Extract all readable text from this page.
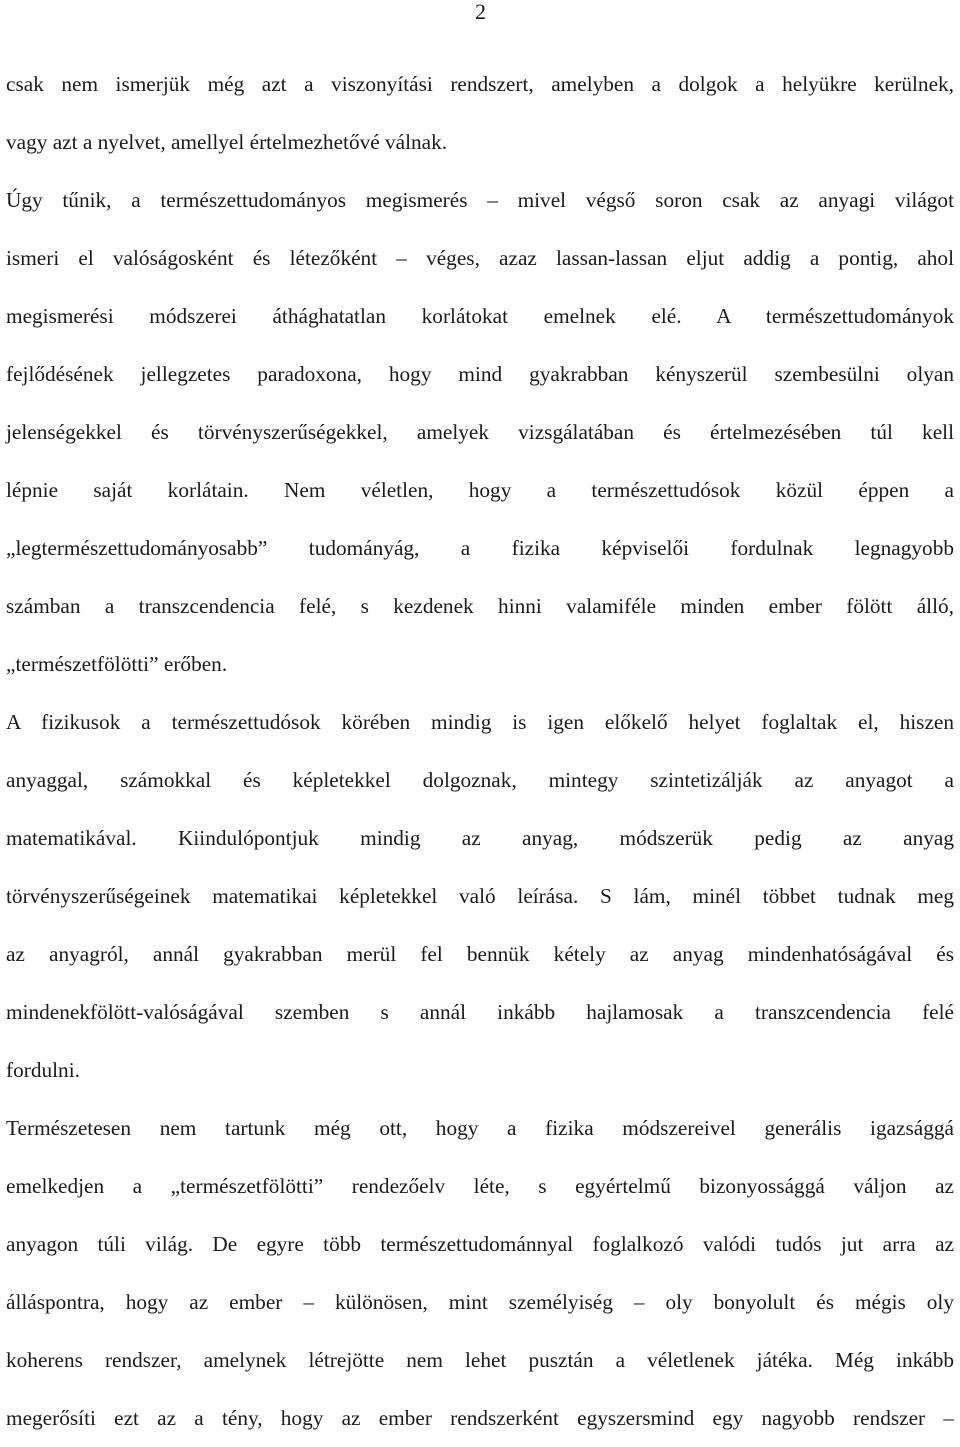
2

csak nem ismerjük még azt a viszonyítási rendszert, amelyben a dolgok a helyükre kerülnek,
vagy azt a nyelvet, amellyel értelmezhetővé válnak.

Úgy tűnik, a természettudományos megismerés – mivel végső soron csak az anyagi világot
ismeri el valóságosként és létezőként – véges, azaz lassan-lassan eljut addig a pontig, ahol
megismerési módszerei áthághatatlan korlátokat emelnek elé. A természettudományok
fejlődésének jellegzetes paradoxona, hogy mind gyakrabban kényszerül szembesülni olyan
jelenségekkel és törvényszerűségekkel, amelyek vizsgálatában és értelmezésében túl kell
lépnie saját korlátain. Nem véletlen, hogy a természettudósok közül éppen a
„legtermészettudományosabb” tudományág, a fizika képviselői fordulnak legnagyobb
számban a transzcendencia felé, s kezdenek hinni valamiféle minden ember fölött álló,
„természetfölötti” erőben.

A fizikusok a természettudósok körében mindig is igen előkelő helyet foglaltak el, hiszen
anyaggal, számokkal és képletekkel dolgoznak, mintegy szintetizálják az anyagot a
matematikával. Kiindulópontjuk mindig az anyag, módszerük pedig az anyag
törvényszerűségeinek matematikai képletekkel való leírása. S lám, minél többet tudnak meg
az anyagról, annál gyakrabban merül fel bennük kétely az anyag mindenhatóságával és
mindenekfölött-valóságával szemben s annál inkább hajlamosak a transzcendencia felé
fordulni.

Természetesen nem tartunk még ott, hogy a fizika módszereivel generális igazsággá
emelkedjen a „természetfölötti” rendezőelv léte, s egyértelmű bizonyossággá váljon az
anyagon túli világ. De egyre több természettudománnyal foglalkozó valódi tudós jut arra az
álláspontra, hogy az ember – különösen, mint személyiség – oly bonyolult és mégis oly
koherens rendszer, amelynek létrejötte nem lehet pusztán a véletlenek játéka. Még inkább
megerősíti ezt az a tény, hogy az ember rendszerként egyszersmind egy nagyobb rendszer –
